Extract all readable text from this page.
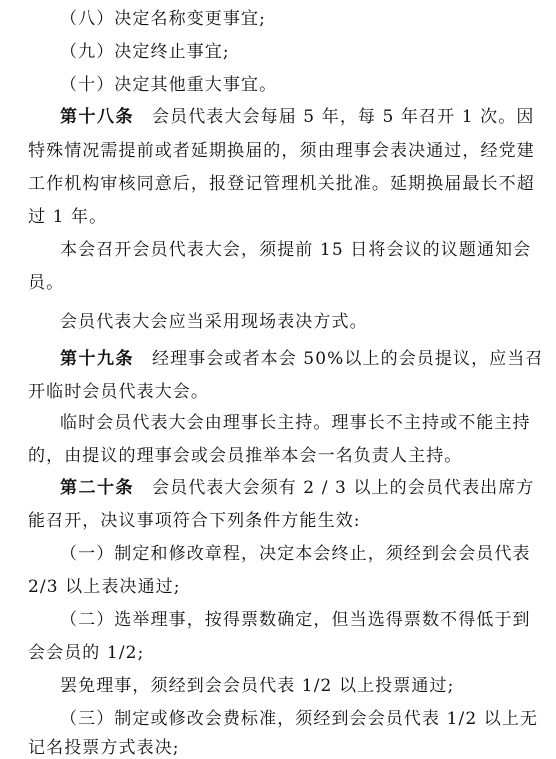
（八）决定名称变更事宜;
（九）决定终止事宜;
（十）决定其他重大事宜。
第十八条 会员代表大会每届 5 年，每 5 年召开 1 次。因
特殊情况需提前或者延期换届的，须由理事会表决通过，经党建
工作机构审核同意后，报登记管理机关批准。延期换届最长不超
过 1 年。
本会召开会员代表大会，须提前 15 日将会议的议题通知会
员。
会员代表大会应当采用现场表决方式。
第十九条 经理事会或者本会 50%以上的会员提议，应当召
开临时会员代表大会。
临时会员代表大会由理事长主持。理事长不主持或不能主持
的，由提议的理事会或会员推举本会一名负责人主持。
第二十条 会员代表大会须有 2 / 3 以上的会员代表出席方
能召开，决议事项符合下列条件方能生效:
（一）制定和修改章程，决定本会终止，须经到会会员代表
2/3 以上表决通过;
（二）选举理事，按得票数确定，但当选得票数不得低于到
会会员的 1/2;
罢免理事，须经到会会员代表 1/2 以上投票通过;
（三）制定或修改会费标准，须经到会会员代表 1/2 以上无
记名投票方式表决;
